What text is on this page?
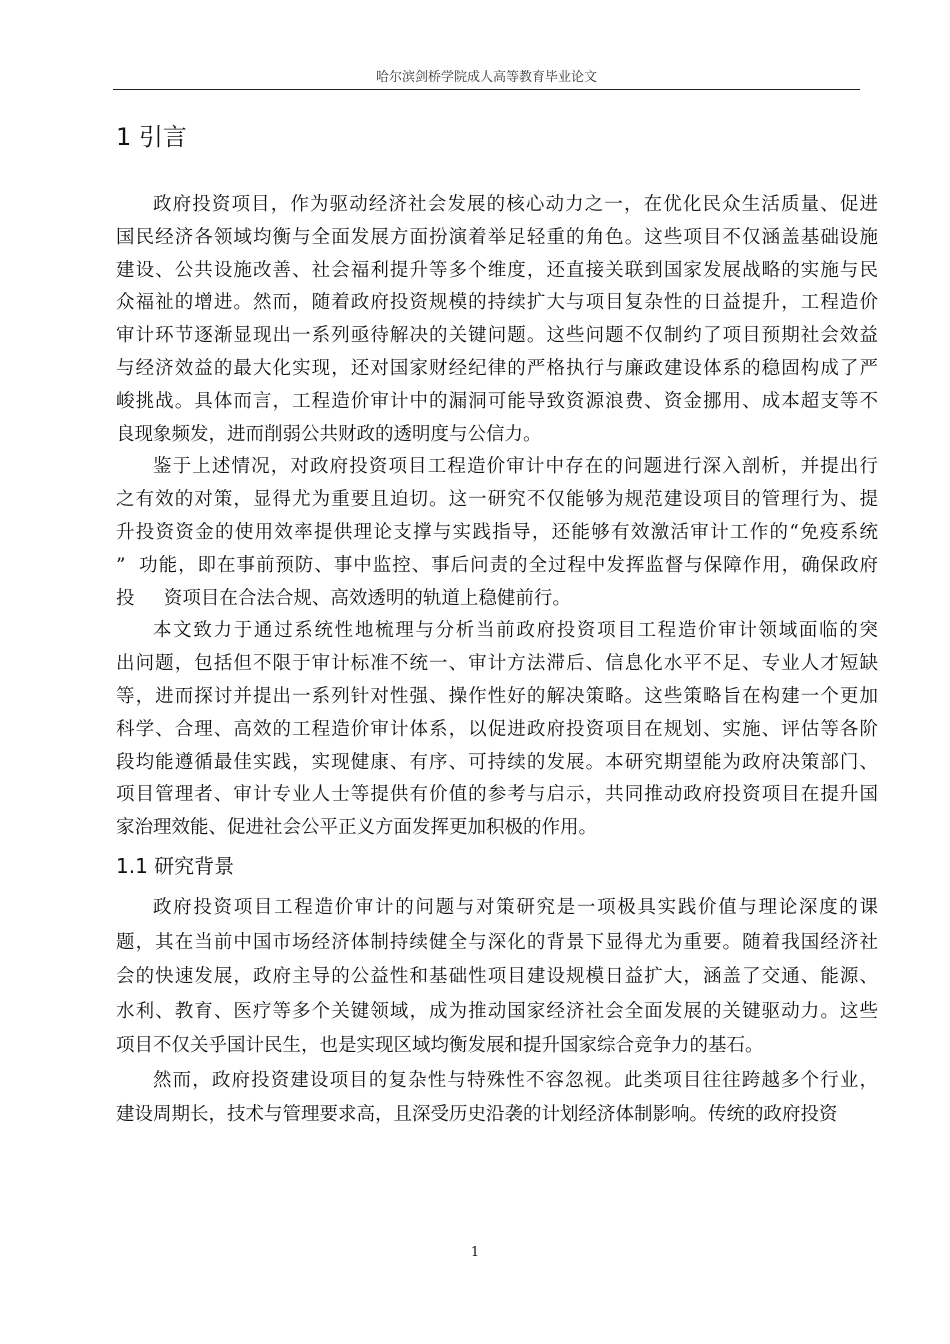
哈尔滨剑桥学院成人高等教育毕业论文
1 引言
政府投资项目，作为驱动经济社会发展的核心动力之一，在优化民众生活质量、促进
国民经济各领域均衡与全面发展方面扮演着举足轻重的角色。这些项目不仅涵盖基础设施
建设、公共设施改善、社会福利提升等多个维度，还直接关联到国家发展战略的实施与民
众福祉的增进。然而，随着政府投资规模的持续扩大与项目复杂性的日益提升，工程造价
审计环节逐渐显现出一系列亟待解决的关键问题。这些问题不仅制约了项目预期社会效益
与经济效益的最大化实现，还对国家财经纪律的严格执行与廉政建设体系的稳固构成了严
峻挑战。具体而言，工程造价审计中的漏洞可能导致资源浪费、资金挪用、成本超支等不
良现象频发，进而削弱公共财政的透明度与公信力。
鉴于上述情况，对政府投资项目工程造价审计中存在的问题进行深入剖析，并提出行
之有效的对策，显得尤为重要且迫切。这一研究不仅能够为规范建设项目的管理行为、提
升投资资金的使用效率提供理论支撑与实践指导，还能够有效激活审计工作的“免疫系统
”  功能，即在事前预防、事中监控、事后问责的全过程中发挥监督与保障作用，确保政府
投     资项目在合法合规、高效透明的轨道上稳健前行。
本文致力于通过系统性地梳理与分析当前政府投资项目工程造价审计领域面临的突
出问题，包括但不限于审计标准不统一、审计方法滞后、信息化水平不足、专业人才短缺
等，进而探讨并提出一系列针对性强、操作性好的解决策略。这些策略旨在构建一个更加
科学、合理、高效的工程造价审计体系，以促进政府投资项目在规划、实施、评估等各阶
段均能遵循最佳实践，实现健康、有序、可持续的发展。本研究期望能为政府决策部门、
项目管理者、审计专业人士等提供有价值的参考与启示，共同推动政府投资项目在提升国
家治理效能、促进社会公平正义方面发挥更加积极的作用。
1.1 研究背景
政府投资项目工程造价审计的问题与对策研究是一项极具实践价值与理论深度的课
题，其在当前中国市场经济体制持续健全与深化的背景下显得尤为重要。随着我国经济社
会的快速发展，政府主导的公益性和基础性项目建设规模日益扩大，涵盖了交通、能源、
水利、教育、医疗等多个关键领域，成为推动国家经济社会全面发展的关键驱动力。这些
项目不仅关乎国计民生，也是实现区域均衡发展和提升国家综合竞争力的基石。
然而，政府投资建设项目的复杂性与特殊性不容忽视。此类项目往往跨越多个行业，
建设周期长，技术与管理要求高，且深受历史沿袭的计划经济体制影响。传统的政府投资
1
